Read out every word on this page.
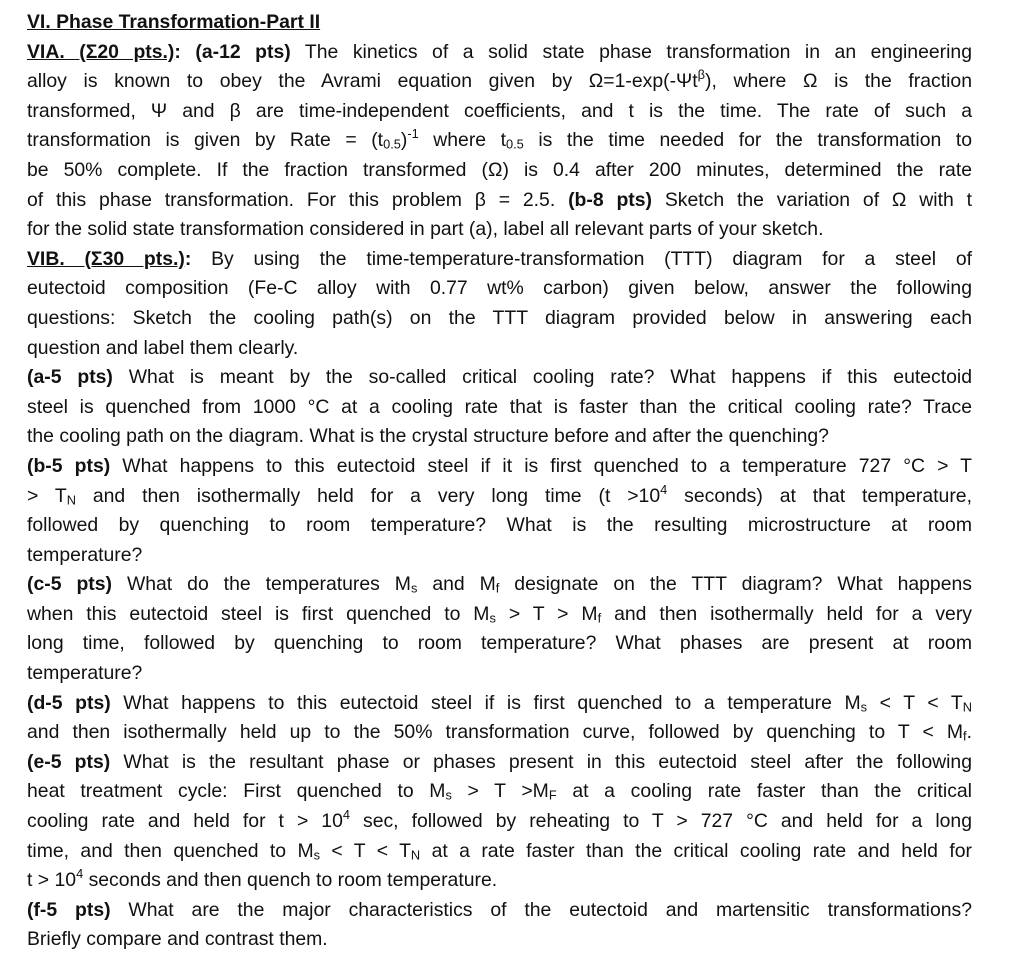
VI. Phase Transformation-Part II
VIA. (Σ20 pts.): (a-12 pts) The kinetics of a solid state phase transformation in an engineering
alloy is known to obey the Avrami equation given by $\Omega=1-\exp(-\Psi t^\beta)$, where Ω is the fraction
transformed, Ψ and β are time-independent coefficients, and t is the time. The rate of such a
transformation is given by Rate = $(t_{0.5})^{-1}$ where $t_{0.5}$ is the time needed for the transformation to
be 50% complete. If the fraction transformed (Ω) is 0.4 after 200 minutes, determined the rate
of this phase transformation. For this problem β = 2.5. (b-8 pts) Sketch the variation of Ω with t
for the solid state transformation considered in part (a), label all relevant parts of your sketch.
VIB. (Σ30 pts.): By using the time-temperature-transformation (TTT) diagram for a steel of
eutectoid composition (Fe-C alloy with 0.77 wt% carbon) given below, answer the following
questions: Sketch the cooling path(s) on the TTT diagram provided below in answering each
question and label them clearly.
(a-5 pts) What is meant by the so-called critical cooling rate? What happens if this eutectoid
steel is quenched from 1000 °C at a cooling rate that is faster than the critical cooling rate? Trace
the cooling path on the diagram. What is the crystal structure before and after the quenching?
(b-5 pts) What happens to this eutectoid steel if it is first quenched to a temperature 727 °C > T
> $T_N$ and then isothermally held for a very long time ($t >10^4$ seconds) at that temperature,
followed by quenching to room temperature? What is the resulting microstructure at room
temperature?
(c-5 pts) What do the temperatures $M_s$ and $M_f$ designate on the TTT diagram? What happens
when this eutectoid steel is first quenched to $M_s > T > M_f$ and then isothermally held for a very
long time, followed by quenching to room temperature? What phases are present at room
temperature?
(d-5 pts) What happens to this eutectoid steel if is first quenched to a temperature $M_s < T < T_N$
and then isothermally held up to the 50% transformation curve, followed by quenching to $T < M_f$.
(e-5 pts) What is the resultant phase or phases present in this eutectoid steel after the following
heat treatment cycle: First quenched to $M_s > T >M_F$ at a cooling rate faster than the critical
cooling rate and held for $t > 10^4$ sec, followed by reheating to T > 727 °C and held for a long
time, and then quenched to $M_s < T < T_N$ at a rate faster than the critical cooling rate and held for
$t > 10^4$ seconds and then quench to room temperature.
(f-5 pts) What are the major characteristics of the eutectoid and martensitic transformations?
Briefly compare and contrast them.
